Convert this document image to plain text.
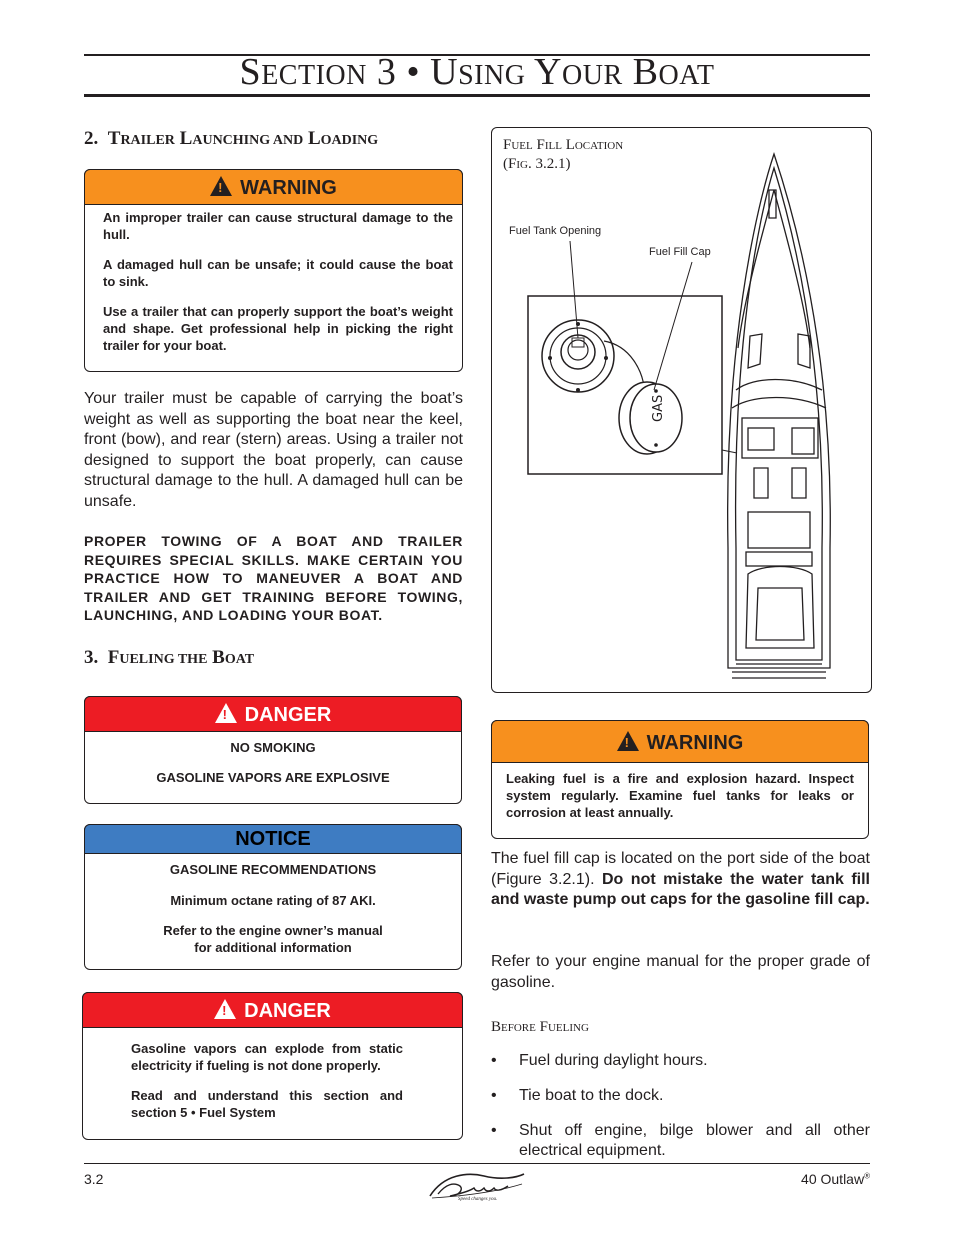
SECTION 3 • USING YOUR BOAT
2. TRAILER LAUNCHING AND LOADING
! WARNING
An improper trailer can cause structural damage to the hull.
A damaged hull can be unsafe; it could cause the boat to sink.
Use a trailer that can properly support the boat’s weight and shape. Get professional help in picking the right trailer for your boat.
Your trailer must be capable of carrying the boat’s weight as well as supporting the boat near the keel, front (bow), and rear (stern) areas. Using a trailer not designed to support the boat properly, can cause structural damage to the hull. A damaged hull can be unsafe.
PROPER TOWING OF A BOAT AND TRAILER REQUIRES SPECIAL SKILLS. MAKE CERTAIN YOU PRACTICE HOW TO MANEUVER A BOAT AND TRAILER AND GET TRAINING BEFORE TOWING, LAUNCHING, AND LOADING YOUR BOAT.
3. FUELING THE BOAT
! DANGER
NO SMOKING
GASOLINE VAPORS ARE EXPLOSIVE
NOTICE
GASOLINE RECOMMENDATIONS
Minimum octane rating of 87 AKI.
Refer to the engine owner’s manual
for additional information
! DANGER
Gasoline vapors can explode from static electricity if fueling is not done properly.
Read and understand this section and section 5 • Fuel System
FUEL FILL LOCATION
(FIG. 3.2.1)
Fuel Tank Opening
Fuel Fill Cap
GAS
! WARNING
Leaking fuel is a fire and explosion hazard. Inspect system regularly. Examine fuel tanks for leaks or corrosion at least annually.
The fuel fill cap is located on the port side of the boat (Figure 3.2.1). Do not mistake the water tank fill and waste pump out caps for the gasoline fill cap.
Refer to your engine manual for the proper grade of gasoline.
BEFORE FUELING
• Fuel during daylight hours.
• Tie boat to the dock.
• Shut off engine, bilge blower and all other electrical equipment.
3.2	40 Outlaw®
Speed changes you.
